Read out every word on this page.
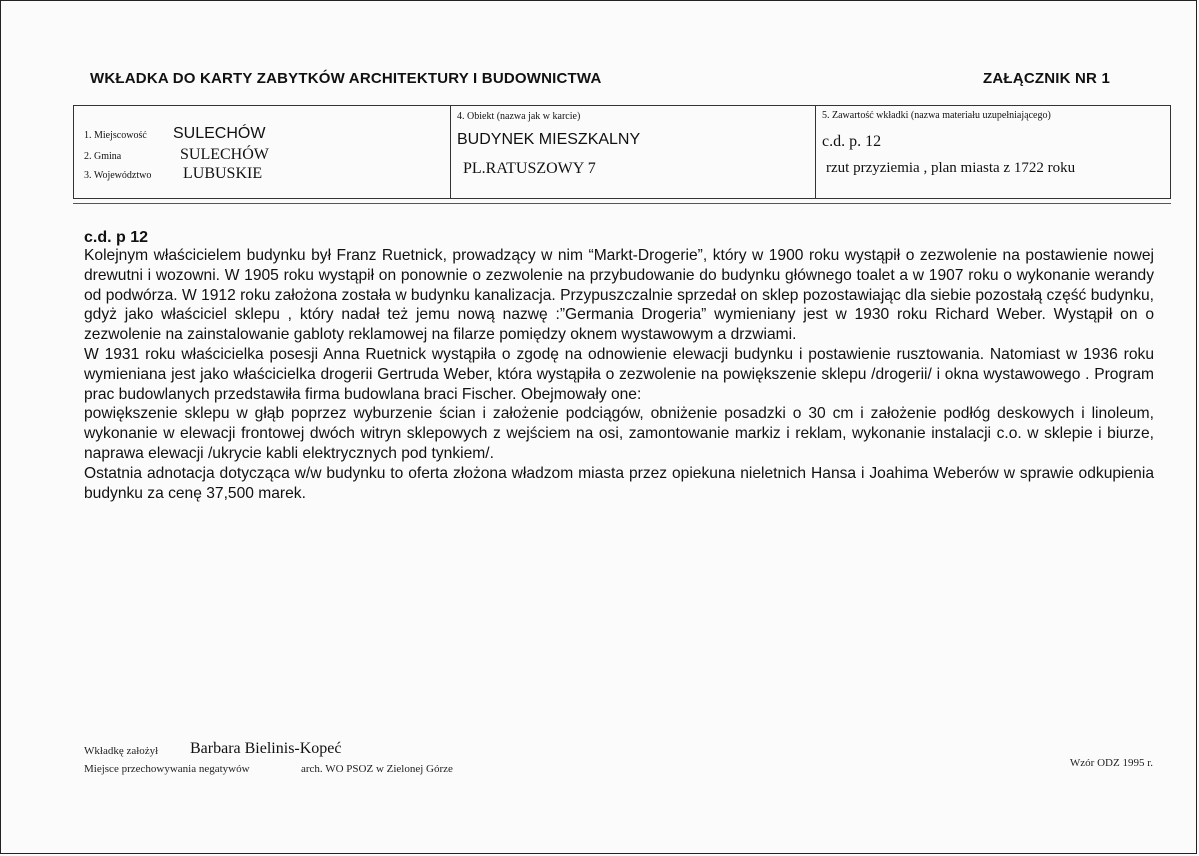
WKŁADKA DO KARTY ZABYTKÓW ARCHITEKTURY I BUDOWNICTWA	ZAŁĄCZNIK NR 1
1. Miejscowość SULECHÓW
2. Gmina	SULECHÓW
3. Województwo LUBUSKIE
4. Obiekt (nazwa jak w karcie)
BUDYNEK MIESZKALNY
PL.RATUSZOWY 7
5. Zawartość wkładki (nazwa materiału uzupełniającego)
c.d. p. 12
rzut przyziemia , plan miasta z 1722 roku
c.d. p 12

Kolejnym właścicielem budynku był Franz Ruetnick, prowadzący w nim “Markt-Drogerie”, który w 1900 roku wystąpił o zezwolenie na postawienie nowej drewutni i wozowni. W 1905 roku wystąpił on ponownie o zezwolenie na przybudowanie do budynku głównego toalet a w 1907 roku o wykonanie werandy od podwórza. W 1912 roku założona została w budynku kanalizacja. Przypuszczalnie sprzedał on sklep pozostawiając dla siebie pozostałą część budynku, gdyż jako właściciel sklepu , który nadał też jemu nową nazwę :”Germania Drogeria” wymieniany jest w 1930 roku Richard Weber. Wystąpił on o zezwolenie na zainstalowanie gabloty reklamowej na filarze pomiędzy oknem wystawowym a drzwiami.

W 1931 roku właścicielka posesji Anna Ruetnick wystąpiła o zgodę na odnowienie elewacji budynku i postawienie rusztowania. Natomiast w 1936 roku wymieniana jest jako właścicielka drogerii Gertruda Weber, która wystąpiła o zezwolenie na powiększenie sklepu /drogerii/ i okna wystawowego . Program prac budowlanych przedstawiła firma budowlana braci Fischer. Obejmowały one:

powiększenie sklepu w głąb poprzez wyburzenie ścian i założenie podciągów, obniżenie posadzki o 30 cm i założenie podłóg deskowych i linoleum, wykonanie w elewacji frontowej dwóch witryn sklepowych z wejściem na osi, zamontowanie markiz i reklam, wykonanie instalacji c.o. w sklepie i biurze, naprawa elewacji /ukrycie kabli elektrycznych pod tynkiem/.

Ostatnia adnotacja dotycząca w/w budynku to oferta złożona władzom miasta przez opiekuna nieletnich Hansa i Joahima Weberów w sprawie odkupienia budynku za cenę 37,500 marek.

Wkładkę założył Barbara Bielinis-Kopeć
Miejsce przechowywania negatywów	arch. WO PSOZ w Zielonej Górze	Wzór ODZ 1995 r.
